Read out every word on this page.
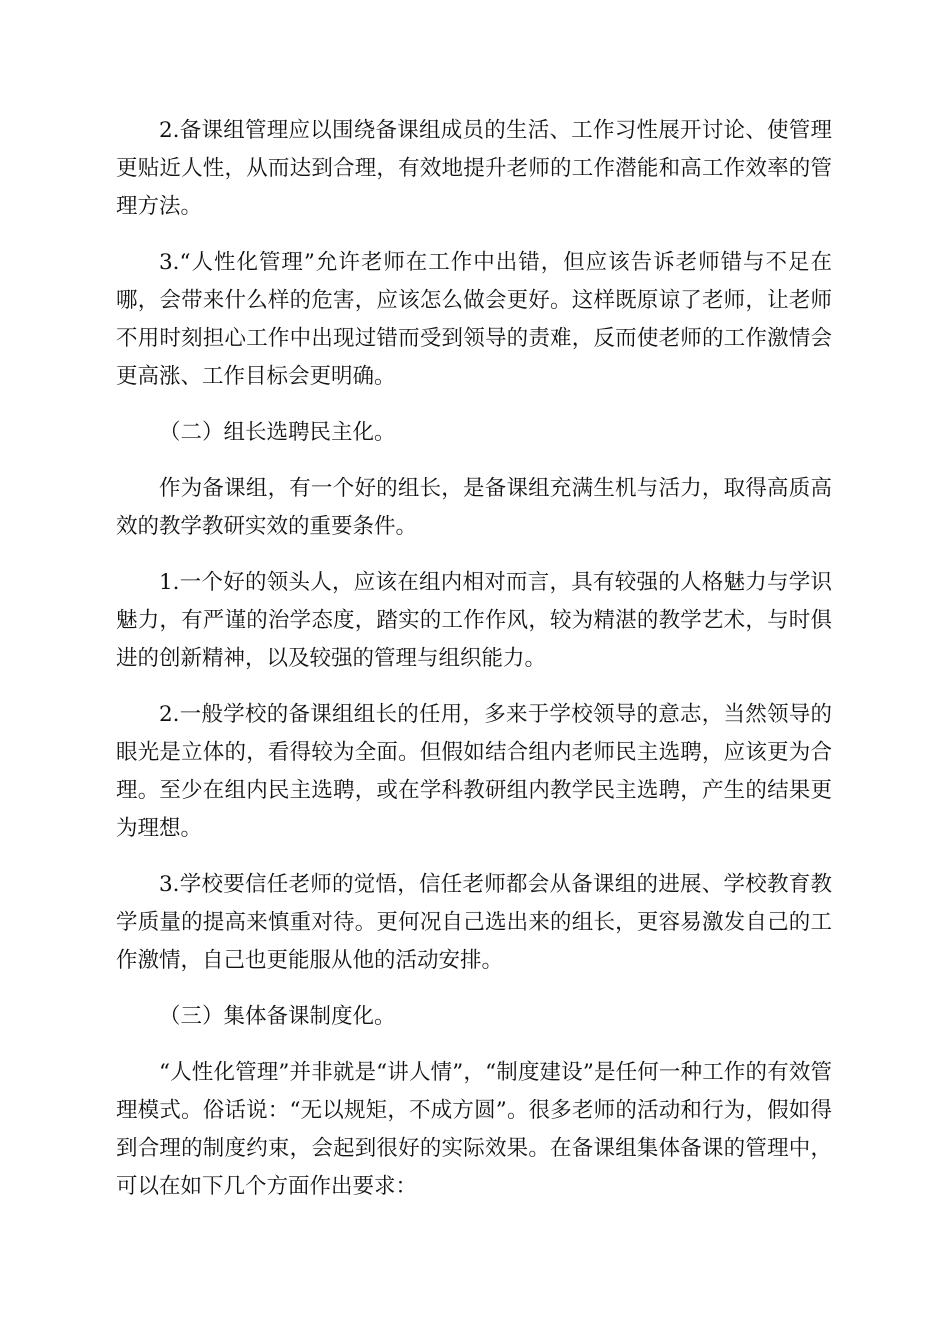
2.备课组管理应以围绕备课组成员的生活、工作习性展开讨论、使管理更贴近人性，从而达到合理，有效地提升老师的工作潜能和高工作效率的管理方法。

3.“人性化管理”允许老师在工作中出错，但应该告诉老师错与不足在哪，会带来什么样的危害，应该怎么做会更好。这样既原谅了老师，让老师不用时刻担心工作中出现过错而受到领导的责难，反而使老师的工作激情会更高涨、工作目标会更明确。

（二）组长选聘民主化。

作为备课组，有一个好的组长，是备课组充满生机与活力，取得高质高效的教学教研实效的重要条件。

1.一个好的领头人，应该在组内相对而言，具有较强的人格魅力与学识魅力，有严谨的治学态度，踏实的工作作风，较为精湛的教学艺术，与时俱进的创新精神，以及较强的管理与组织能力。

2.一般学校的备课组组长的任用，多来于学校领导的意志，当然领导的眼光是立体的，看得较为全面。但假如结合组内老师民主选聘，应该更为合理。至少在组内民主选聘，或在学科教研组内教学民主选聘，产生的结果更为理想。

3.学校要信任老师的觉悟，信任老师都会从备课组的进展、学校教育教学质量的提高来慎重对待。更何况自己选出来的组长，更容易激发自己的工作激情，自己也更能服从他的活动安排。

（三）集体备课制度化。

“人性化管理”并非就是“讲人情”，“制度建设”是任何一种工作的有效管理模式。俗话说：“无以规矩，不成方圆”。很多老师的活动和行为，假如得到合理的制度约束，会起到很好的实际效果。在备课组集体备课的管理中，可以在如下几个方面作出要求：
